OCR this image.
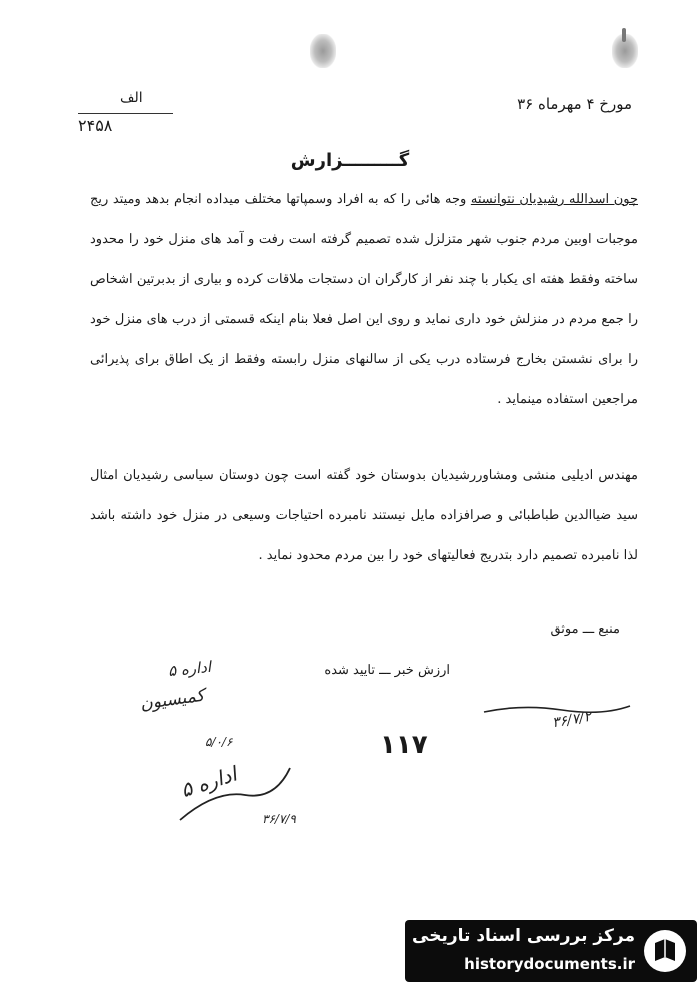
مورخ ۴ مهرماه ۳۶
الف
۲۴۵۸
گـــــــــزارش
چون اسدالله رشیدیان نتوانسته وجه هائی را که به افراد وسمپاتها مختلف میداده انجام بدهد ومیتد ریج موجبات اوبین مردم جنوب شهر متزلزل شده تصمیم گرفته است رفت و آمد های منزل خود را محدود ساخته وفقط هفته ای یکبار با چند نفر از کارگران ان دستجات ملاقات کرده و بیاری از بدبرتین اشخاص را جمع مردم در منزلش خود داری نماید و روی این اصل فعلا بنام اینکه قسمتی از درب های منزل خود را برای نشستن بخارج فرستاده درب یکی از سالنهای منزل رابسته وفقط از یک اطاق برای پذیرائی مراجعین استفاده مینماید .
مهندس ادیلیی منشی ومشاوررشیدیان بدوستان خود گفته است چون دوستان سیاسی رشیدیان امثال سید ضیاالدین طباطبائی و صرافزاده مایل نیستند نامبرده احتیاجات وسیعی در منزل خود داشته باشد لذا نامبرده تصمیم دارد بتدریج فعالیتهای خود را بین مردم محدود نماید .
منبع ـــ موثق
ارزش خبر ـــ تایید شده
۱۱۷
اداره ۵
کمیسیون
۵/۰/۶
اداره ۵
۳۶/۷/۹
۳۶/۷/۲
مرکز بررسی اسناد تاریخی
historydocuments.ir
